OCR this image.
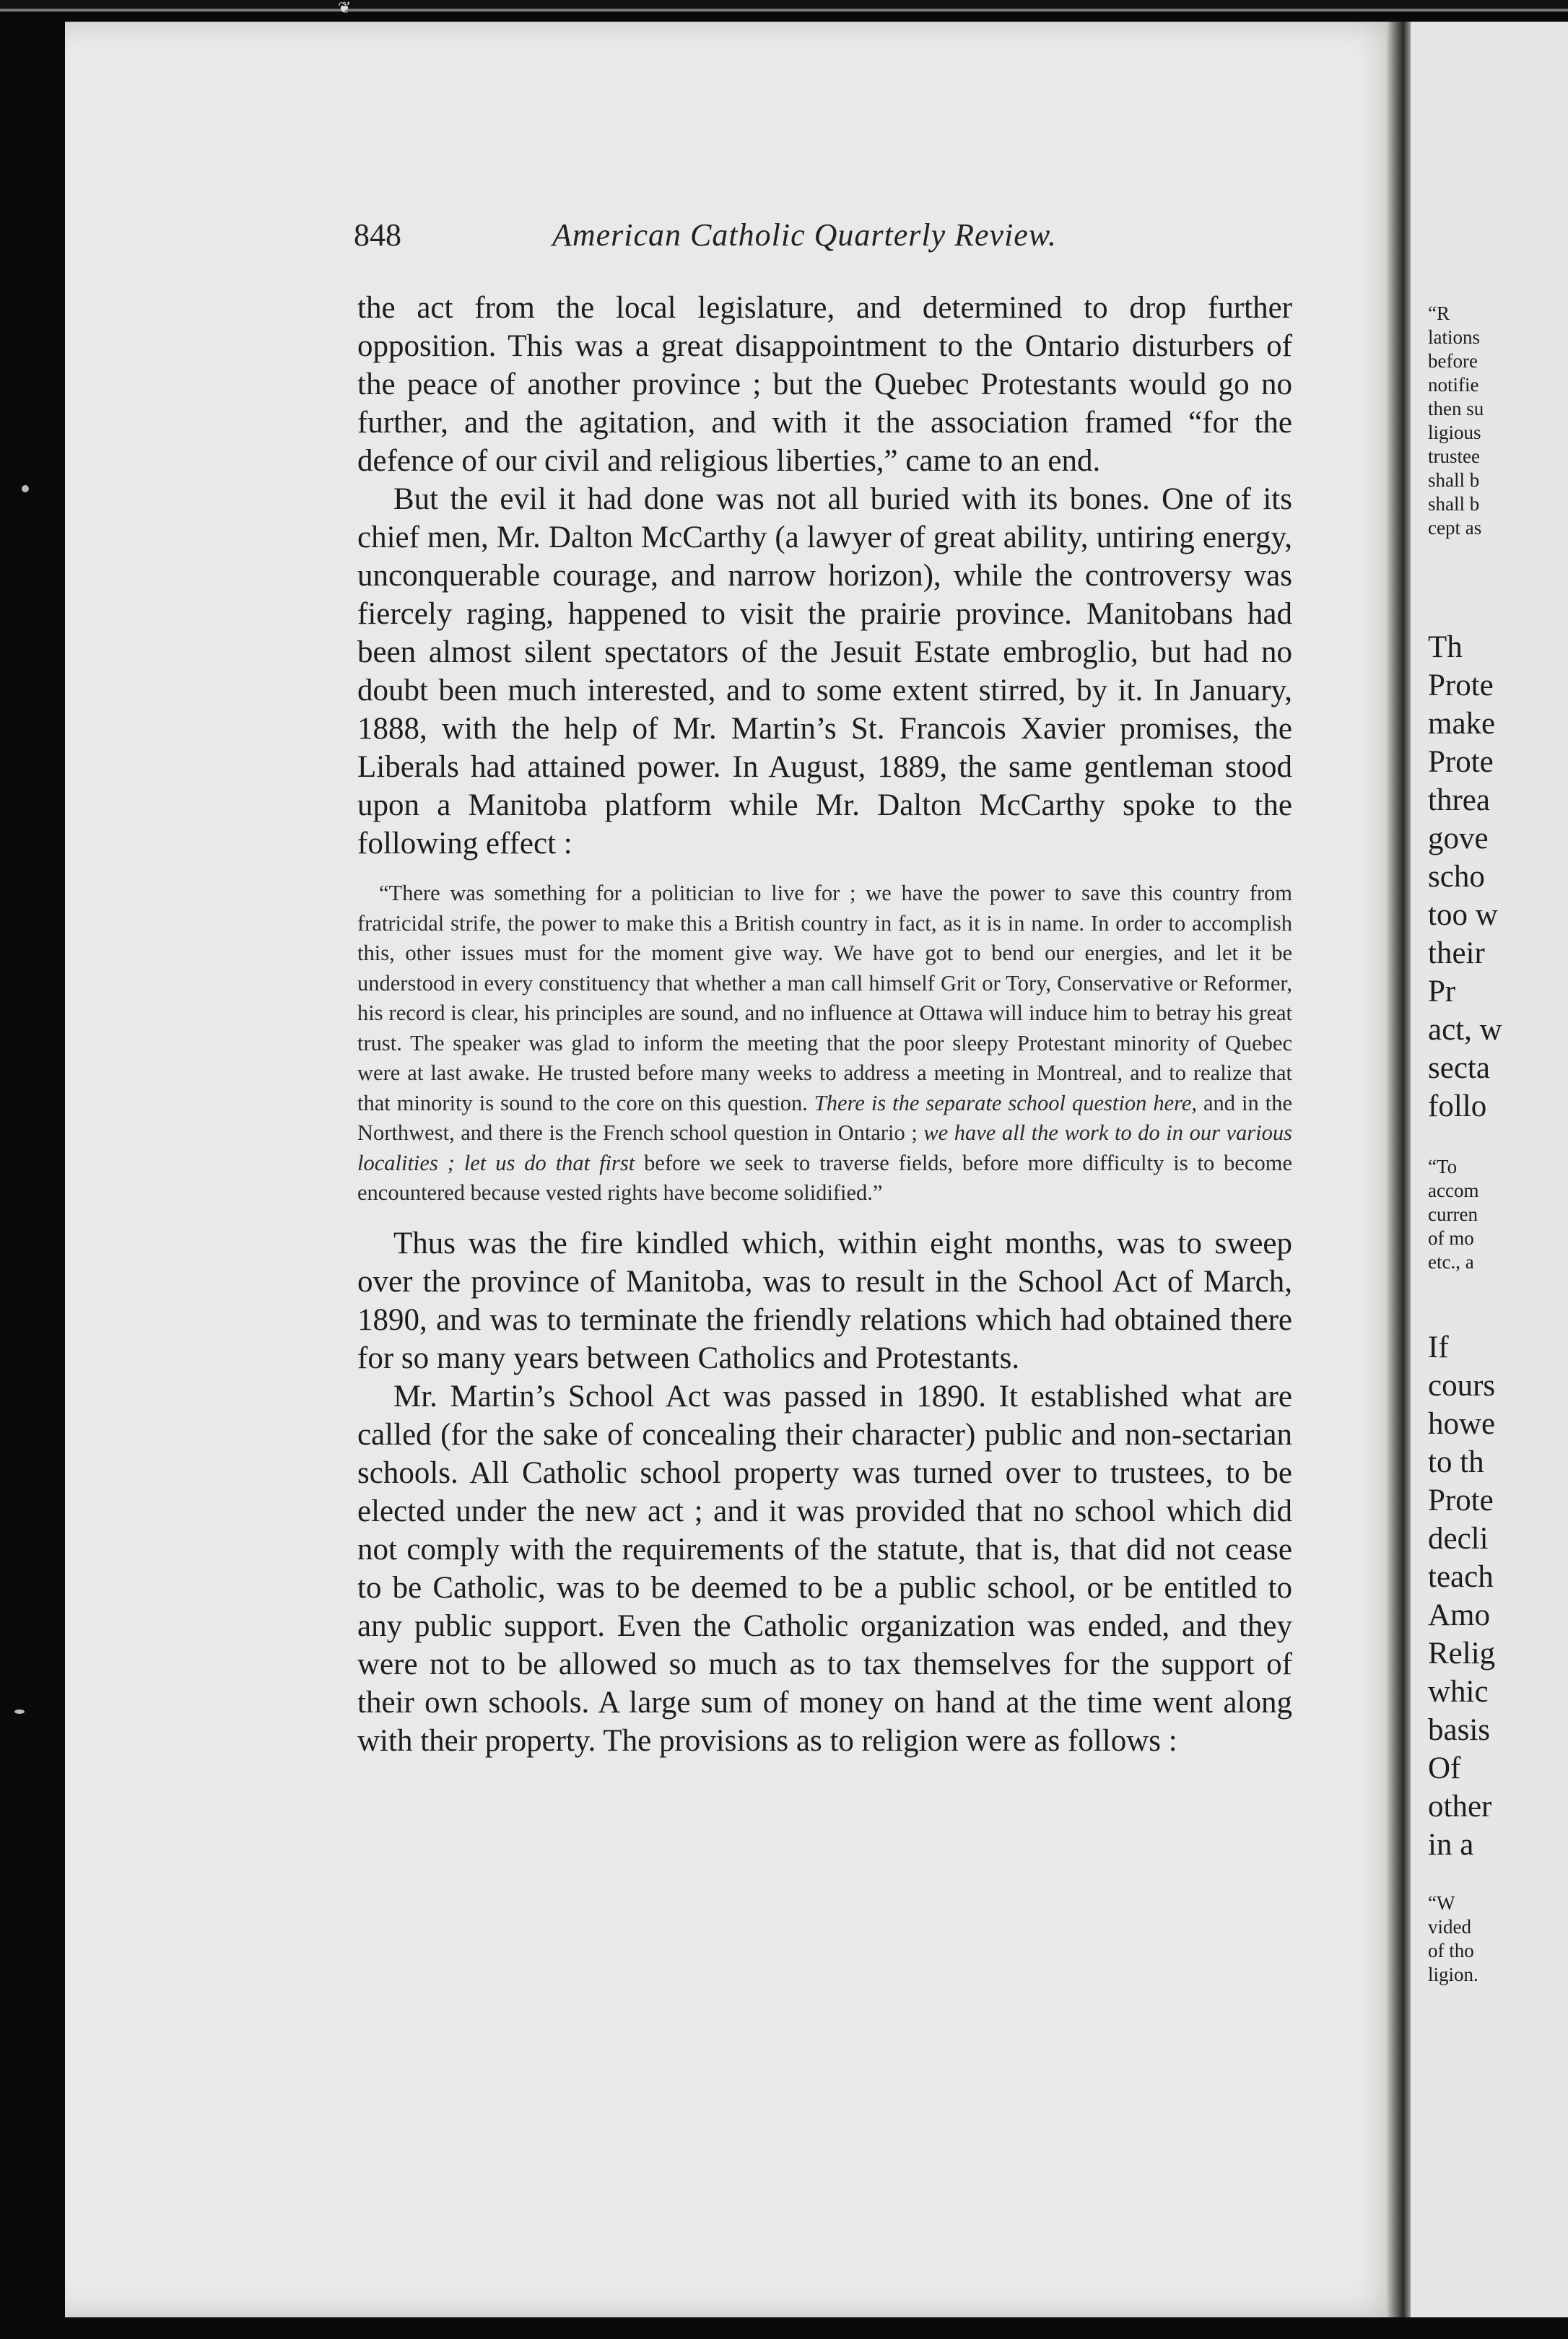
❦
“R
lations
before
notifie
then su
ligious
trustee
shall b
shall b
cept as
Th
Prote
make
Prote
threa
gove
scho
too w
their
Pr
act, w
secta
follo
“To
accom
curren
of mo
etc., a
If
cours
howe
to th
Prote
decli
teach
Amo
Relig
whic
basis
Of
other
in a
“W
vided
of tho
ligion.
848	American Catholic Quarterly Review.

the act from the local legislature, and determined to drop further opposition. This was a great disappointment to the Ontario disturbers of the peace of another province ; but the Quebec Protestants would go no further, and the agitation, and with it the association framed “for the defence of our civil and religious liberties,” came to an end.

But the evil it had done was not all buried with its bones. One of its chief men, Mr. Dalton McCarthy (a lawyer of great ability, untiring energy, unconquerable courage, and narrow horizon), while the controversy was fiercely raging, happened to visit the prairie province. Manitobans had been almost silent spectators of the Jesuit Estate embroglio, but had no doubt been much interested, and to some extent stirred, by it. In January, 1888, with the help of Mr. Martin’s St. Francois Xavier promises, the Liberals had attained power. In August, 1889, the same gentleman stood upon a Manitoba platform while Mr. Dalton McCarthy spoke to the following effect :

“There was something for a politician to live for ; we have the power to save this country from fratricidal strife, the power to make this a British country in fact, as it is in name. In order to accomplish this, other issues must for the moment give way. We have got to bend our energies, and let it be understood in every constituency that whether a man call himself Grit or Tory, Conservative or Reformer, his record is clear, his principles are sound, and no influence at Ottawa will induce him to betray his great trust. The speaker was glad to inform the meeting that the poor sleepy Protestant minority of Quebec were at last awake. He trusted before many weeks to address a meeting in Montreal, and to realize that that minority is sound to the core on this question. There is the separate school question here, and in the Northwest, and there is the French school question in Ontario ; we have all the work to do in our various localities ; let us do that first before we seek to traverse fields, before more difficulty is to become encountered because vested rights have become solidified.”

Thus was the fire kindled which, within eight months, was to sweep over the province of Manitoba, was to result in the School Act of March, 1890, and was to terminate the friendly relations which had obtained there for so many years between Catholics and Protestants.

Mr. Martin’s School Act was passed in 1890. It established what are called (for the sake of concealing their character) public and non-sectarian schools. All Catholic school property was turned over to trustees, to be elected under the new act ; and it was provided that no school which did not comply with the requirements of the statute, that is, that did not cease to be Catholic, was to be deemed to be a public school, or be entitled to any public support. Even the Catholic organization was ended, and they were not to be allowed so much as to tax themselves for the support of their own schools. A large sum of money on hand at the time went along with their property. The provisions as to religion were as follows :
